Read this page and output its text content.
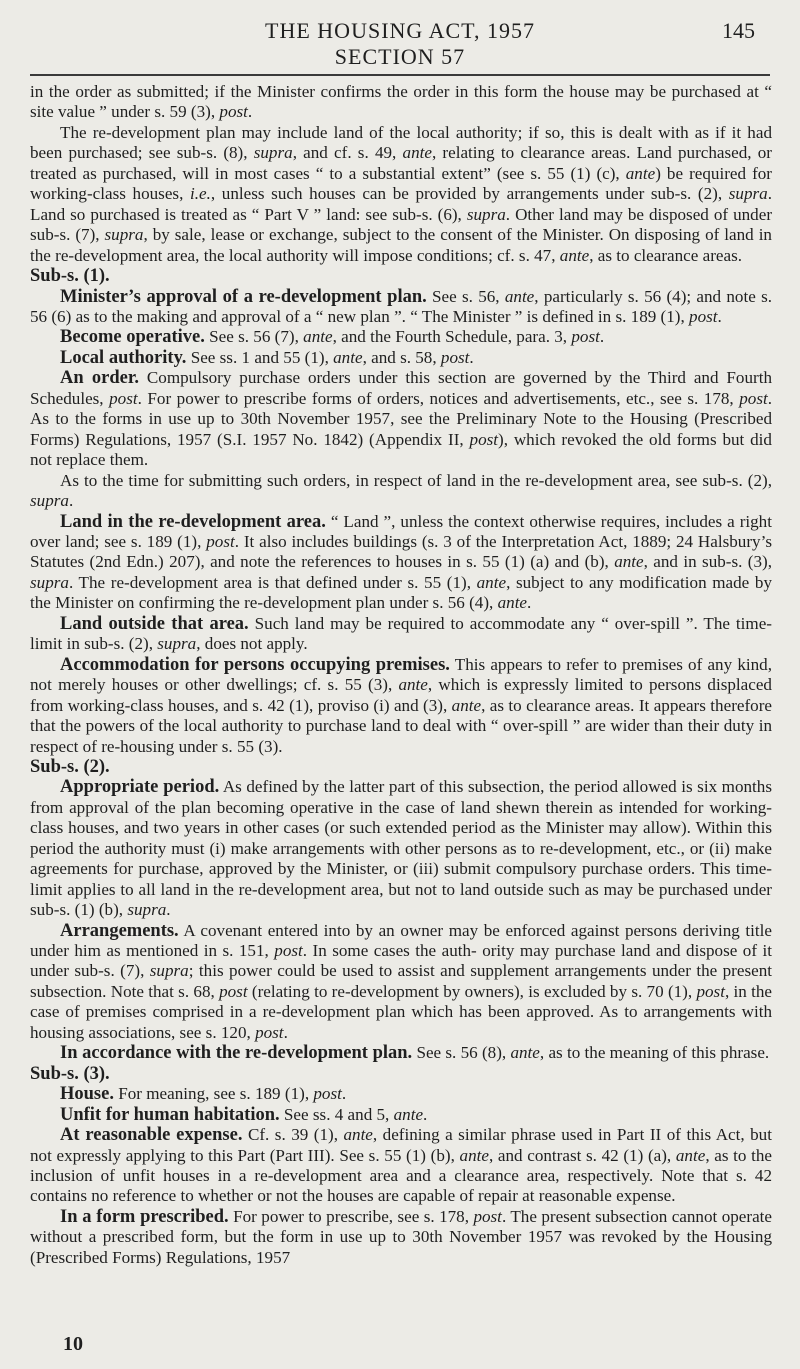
THE HOUSING ACT, 1957	145
SECTION 57

in the order as submitted; if the Minister confirms the order in this form the house may be purchased at “ site value ” under s. 59 (3), post.

The re-development plan may include land of the local authority; if so, this is dealt with as if it had been purchased; see sub-s. (8), supra, and cf. s. 49, ante, relating to clearance areas. Land purchased, or treated as purchased, will in most cases “ to a substantial extent” (see s. 55 (1) (c), ante) be required for working-class houses, i.e., unless such houses can be provided by arrangements under sub-s. (2), supra. Land so purchased is treated as “ Part V ” land: see sub-s. (6), supra. Other land may be disposed of under sub-s. (7), supra, by sale, lease or exchange, subject to the consent of the Minister. On disposing of land in the re-development area, the local authority will impose conditions; cf. s. 47, ante, as to clearance areas.

Sub-s. (1).

Minister’s approval of a re-development plan. See s. 56, ante, particularly s. 56 (4); and note s. 56 (6) as to the making and approval of a “ new plan ”. “ The Minister ” is defined in s. 189 (1), post.

Become operative. See s. 56 (7), ante, and the Fourth Schedule, para. 3, post.

Local authority. See ss. 1 and 55 (1), ante, and s. 58, post.

An order. Compulsory purchase orders under this section are governed by the Third and Fourth Schedules, post. For power to prescribe forms of orders, notices and advertisements, etc., see s. 178, post. As to the forms in use up to 30th November 1957, see the Preliminary Note to the Housing (Prescribed Forms) Regulations, 1957 (S.I. 1957 No. 1842) (Appendix II, post), which revoked the old forms but did not replace them.

As to the time for submitting such orders, in respect of land in the re-development area, see sub-s. (2), supra.

Land in the re-development area. “ Land ”, unless the context otherwise requires, includes a right over land; see s. 189 (1), post. It also includes buildings (s. 3 of the Interpretation Act, 1889; 24 Halsbury’s Statutes (2nd Edn.) 207), and note the references to houses in s. 55 (1) (a) and (b), ante, and in sub-s. (3), supra. The re-development area is that defined under s. 55 (1), ante, subject to any modification made by the Minister on confirming the re-development plan under s. 56 (4), ante.

Land outside that area. Such land may be required to accommodate any “ over-spill ”. The time-limit in sub-s. (2), supra, does not apply.

Accommodation for persons occupying premises. This appears to refer to premises of any kind, not merely houses or other dwellings; cf. s. 55 (3), ante, which is expressly limited to persons displaced from working-class houses, and s. 42 (1), proviso (i) and (3), ante, as to clearance areas. It appears therefore that the powers of the local authority to purchase land to deal with “ over-spill ” are wider than their duty in respect of re-housing under s. 55 (3).

Sub-s. (2).

Appropriate period. As defined by the latter part of this subsection, the period allowed is six months from approval of the plan becoming operative in the case of land shewn therein as intended for working-class houses, and two years in other cases (or such extended period as the Minister may allow). Within this period the authority must (i) make arrangements with other persons as to re-development, etc., or (ii) make agreements for purchase, approved by the Minister, or (iii) submit compulsory purchase orders. This time-limit applies to all land in the re-development area, but not to land outside such as may be purchased under sub-s. (1) (b), supra.

Arrangements. A covenant entered into by an owner may be enforced against persons deriving title under him as mentioned in s. 151, post. In some cases the auth- ority may purchase land and dispose of it under sub-s. (7), supra; this power could be used to assist and supplement arrangements under the present subsection. Note that s. 68, post (relating to re-development by owners), is excluded by s. 70 (1), post, in the case of premises comprised in a re-development plan which has been approved. As to arrangements with housing associations, see s. 120, post.

In accordance with the re-development plan. See s. 56 (8), ante, as to the meaning of this phrase.

Sub-s. (3).

House. For meaning, see s. 189 (1), post.

Unfit for human habitation. See ss. 4 and 5, ante.

At reasonable expense. Cf. s. 39 (1), ante, defining a similar phrase used in Part II of this Act, but not expressly applying to this Part (Part III). See s. 55 (1) (b), ante, and contrast s. 42 (1) (a), ante, as to the inclusion of unfit houses in a re-development area and a clearance area, respectively. Note that s. 42 contains no reference to whether or not the houses are capable of repair at reasonable expense.

In a form prescribed. For power to prescribe, see s. 178, post. The present subsection cannot operate without a prescribed form, but the form in use up to 30th November 1957 was revoked by the Housing (Prescribed Forms) Regulations, 1957

10
